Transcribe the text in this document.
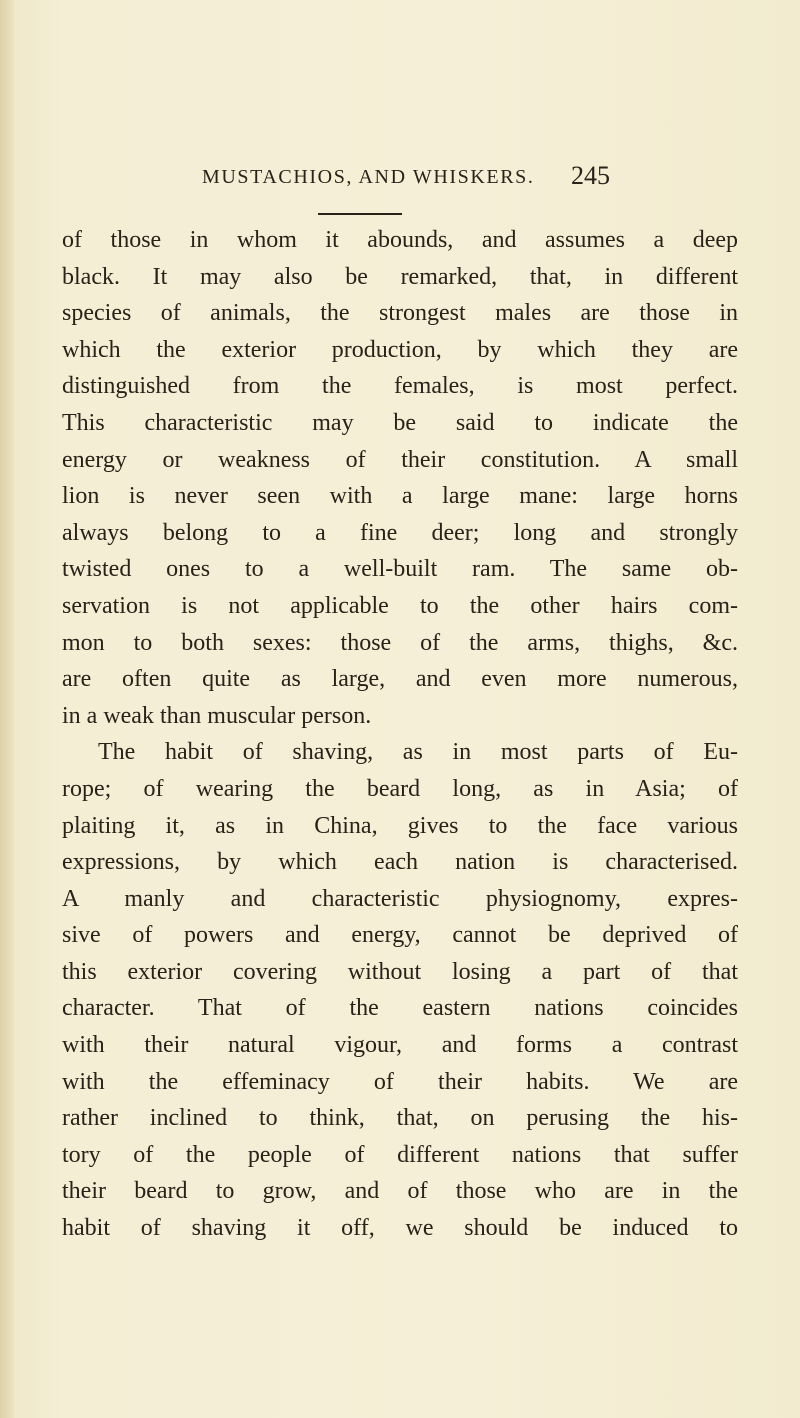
MUSTACHIOS, AND WHISKERS. 245
of those in whom it abounds, and assumes a deep
black. It may also be remarked, that, in different
species of animals, the strongest males are those in
which the exterior production, by which they are
distinguished from the females, is most perfect.
This characteristic may be said to indicate the
energy or weakness of their constitution. A small
lion is never seen with a large mane: large horns
always belong to a fine deer; long and strongly
twisted ones to a well-built ram. The same ob-
servation is not applicable to the other hairs com-
mon to both sexes: those of the arms, thighs, &c.
are often quite as large, and even more numerous,
in a weak than muscular person.
The habit of shaving, as in most parts of Eu-
rope; of wearing the beard long, as in Asia; of
plaiting it, as in China, gives to the face various
expressions, by which each nation is characterised.
A manly and characteristic physiognomy, expres-
sive of powers and energy, cannot be deprived of
this exterior covering without losing a part of that
character. That of the eastern nations coincides
with their natural vigour, and forms a contrast
with the effeminacy of their habits. We are
rather inclined to think, that, on perusing the his-
tory of the people of different nations that suffer
their beard to grow, and of those who are in the
habit of shaving it off, we should be induced to
